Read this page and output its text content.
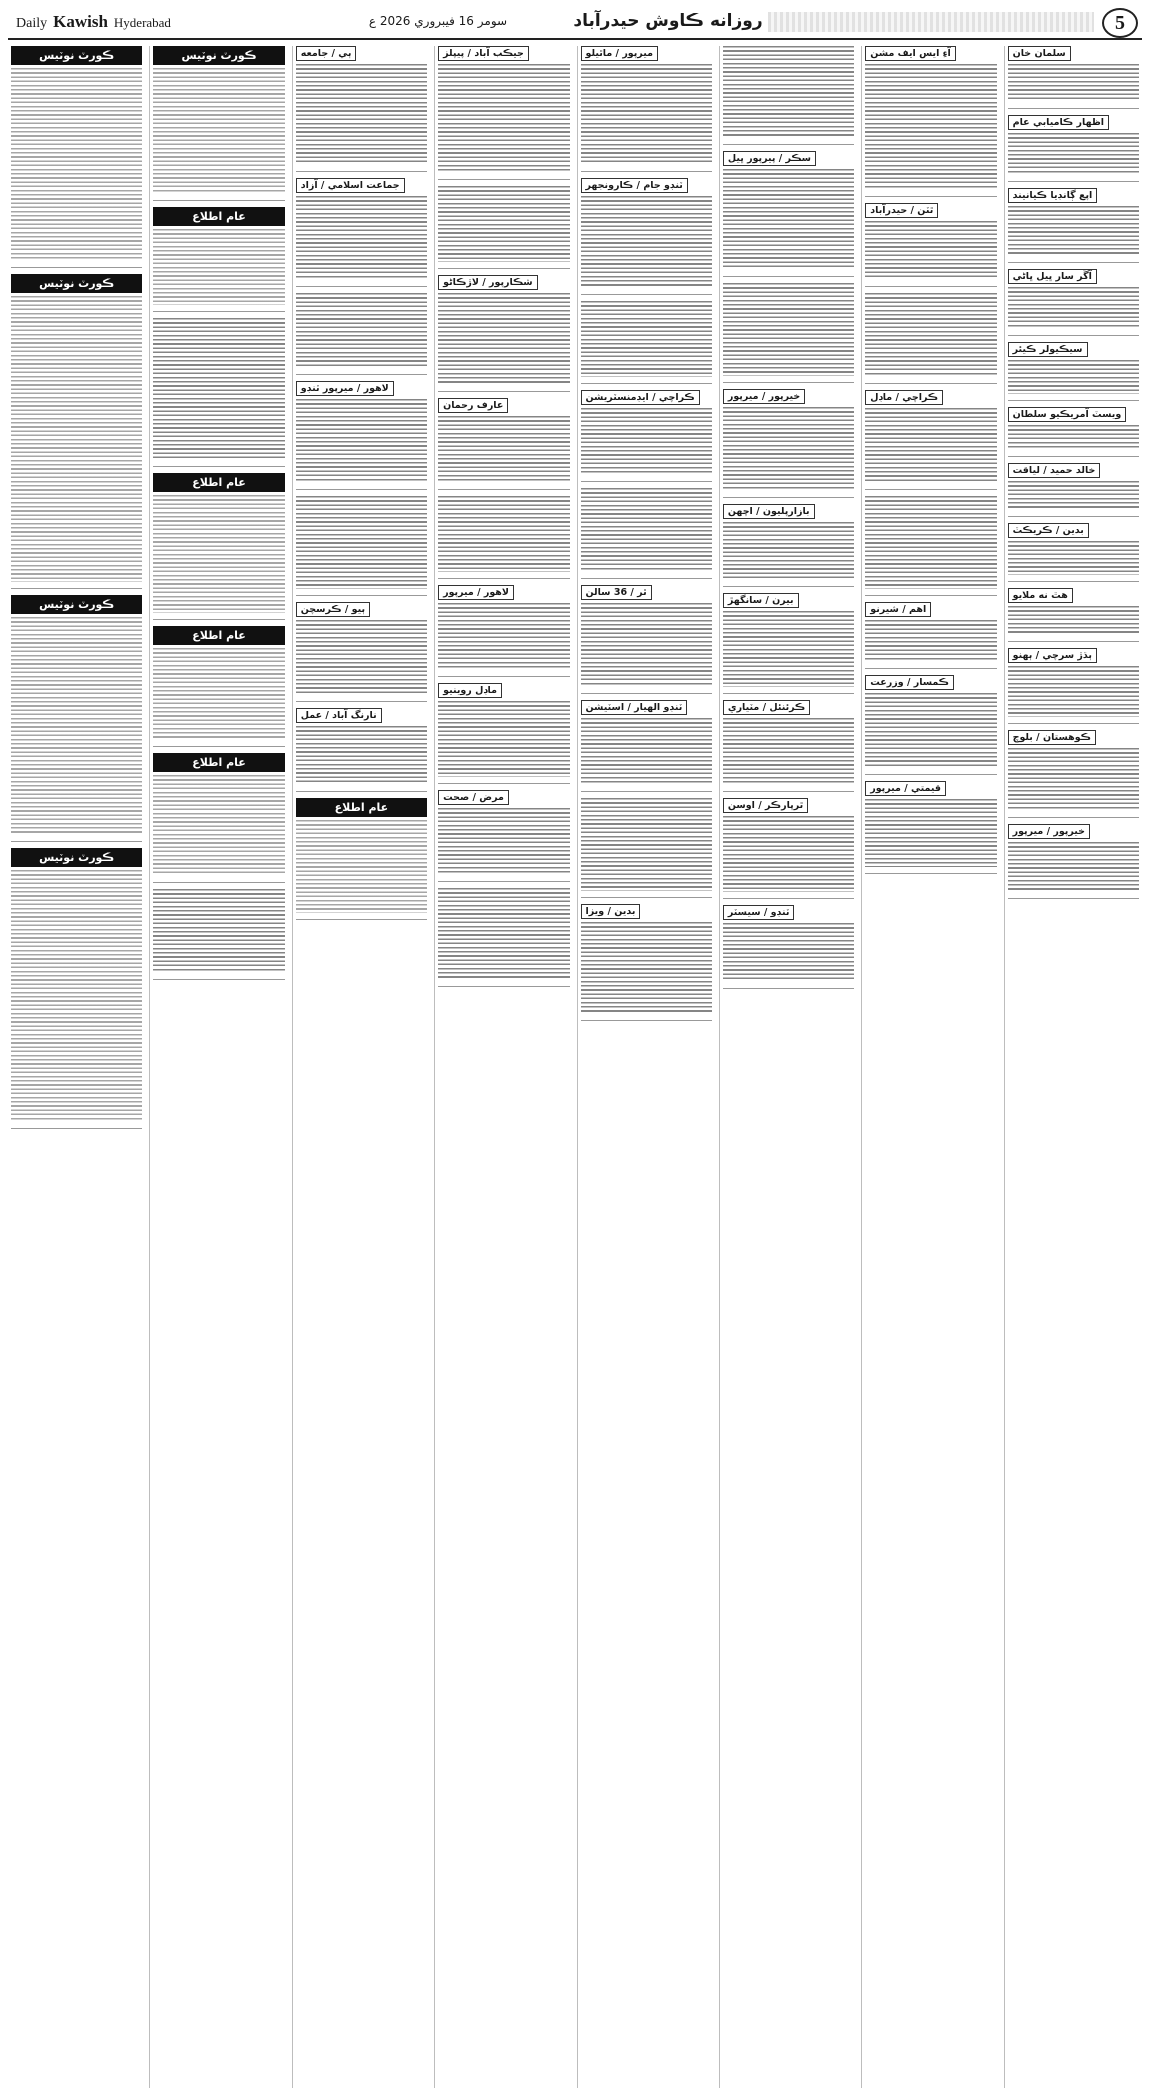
Daily Kawish Hyderabad	سومر 16 فيبروري 2026 ع	روزانه ڪاوش حيدرآباد	5
سلمان خان
اظهار ڪاميابي عام
اپع ڳانڊيا ڪيانيند
آڱر سار ڀيل ڀاڻي
سيڪيولر ڪيئر
ويسٽ آمريڪيو سلطان
خالد حميد / لياقت
بدين / ڪريڪٽ
هٿ نه ملايو
ٻڌڙ سرچي / ٻهنو
ڪوهستان / بلوچ
خيرپور / ميرپور
آءِ ايس ايف مشن
ٿٽن / حيدرآباد
ڪراچي / ماڊل
اهم / شيرنو
ڪمسار / وزرعت
قيمتي / ميرپور
سڪر / پيرپور ڀيل
خيرپور / ميرپور
بازارپليون / اچهن
بيرن / سانگهڙ
ڪرئنئل / مٽياري
ٿرپارڪر / اوسن
ٽنڊو / سيسٽر
ميرپور / ماٿيلو
ٽنڊو جام / ڪارونجهر
ڪراچي / ايڊمنسٽريشن
ٿر / 36 سالن
ٽنڊو الهيار / اسٽيشن
بدين / ويزا
جيڪب آباد / پيپلز
شڪارپور / لاڙڪاڻو
عارف رحمان
لاهور / ميرپور
ماڊل روينيو
مرض / صحت
ٻي / جامعه
جماعت اسلامي / آزاد
لاهور / ميرپور ٽنڊو
ٻيو / ڪرسچن
نارنگ آباد / عمل
عام اطلاع
ڪورٽ نوٽيس
عام اطلاع
عام اطلاع
عام اطلاع
عام اطلاع
ڪورٽ نوٽيس
ڪورٽ نوٽيس
ڪورٽ نوٽيس
ڪورٽ نوٽيس
